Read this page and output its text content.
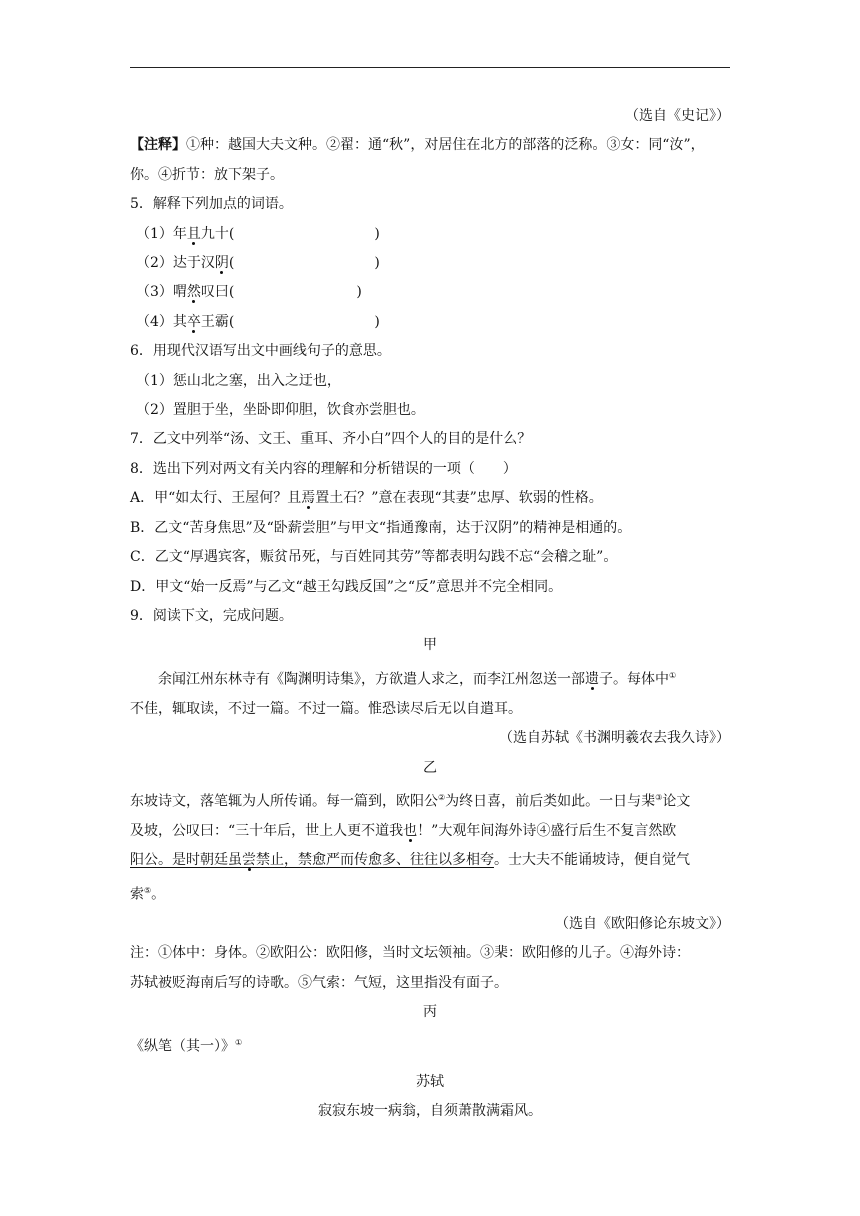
（选自《史记》）
【注释】①种：越国大夫文种。②翟：通“秋”，对居住在北方的部落的泛称。③女：同“汝”，
你。④折节：放下架子。
5．解释下列加点的词语。
（1）年且九十(	)
（2）达于汉阴(	)
（3）喟然叹曰(	)
（4）其卒王霸(	)
6．用现代汉语写出文中画线句子的意思。
（1）惩山北之塞，出入之迂也，
（2）置胆于坐，坐卧即仰胆，饮食亦尝胆也。
7．乙文中列举“汤、文王、重耳、齐小白”四个人的目的是什么？
8．选出下列对两文有关内容的理解和分析错误的一项（　　）
A．甲“如太行、王屋何？且焉置土石？”意在表现“其妻”忠厚、软弱的性格。
B．乙文“苦身焦思”及“卧薪尝胆”与甲文“指通豫南，达于汉阴”的精神是相通的。
C．乙文“厚遇宾客，赈贫吊死，与百姓同其劳”等都表明勾践不忘“会稽之耻”。
D．甲文“始一反焉”与乙文“越王勾践反国”之“反”意思并不完全相同。
9．阅读下文，完成问题。
甲
余闻江州东林寺有《陶渊明诗集》，方欲遣人求之，而李江州忽送一部遗子。每体中①
不佳，辄取读，不过一篇。不过一篇。惟恐读尽后无以自遣耳。
（选自苏轼《书渊明羲农去我久诗》）
乙
东坡诗文，落笔辄为人所传诵。每一篇到，欧阳公②为终日喜，前后类如此。一日与棐③论文
及坡，公叹曰：“三十年后，世上人更不道我也！”大观年间海外诗④盛行后生不复言然欧
阳公。是时朝廷虽尝禁止，禁愈严而传愈多、往往以多相夸。士大夫不能诵坡诗，便自觉气
索⑤。
（选自《欧阳修论东坡文》）
注：①体中：身体。②欧阳公：欧阳修，当时文坛领袖。③棐：欧阳修的儿子。④海外诗：
苏轼被贬海南后写的诗歌。⑤气索：气短，这里指没有面子。
丙
《纵笔（其一）》①
苏轼
寂寂东坡一病翁，自须萧散满霜风。
